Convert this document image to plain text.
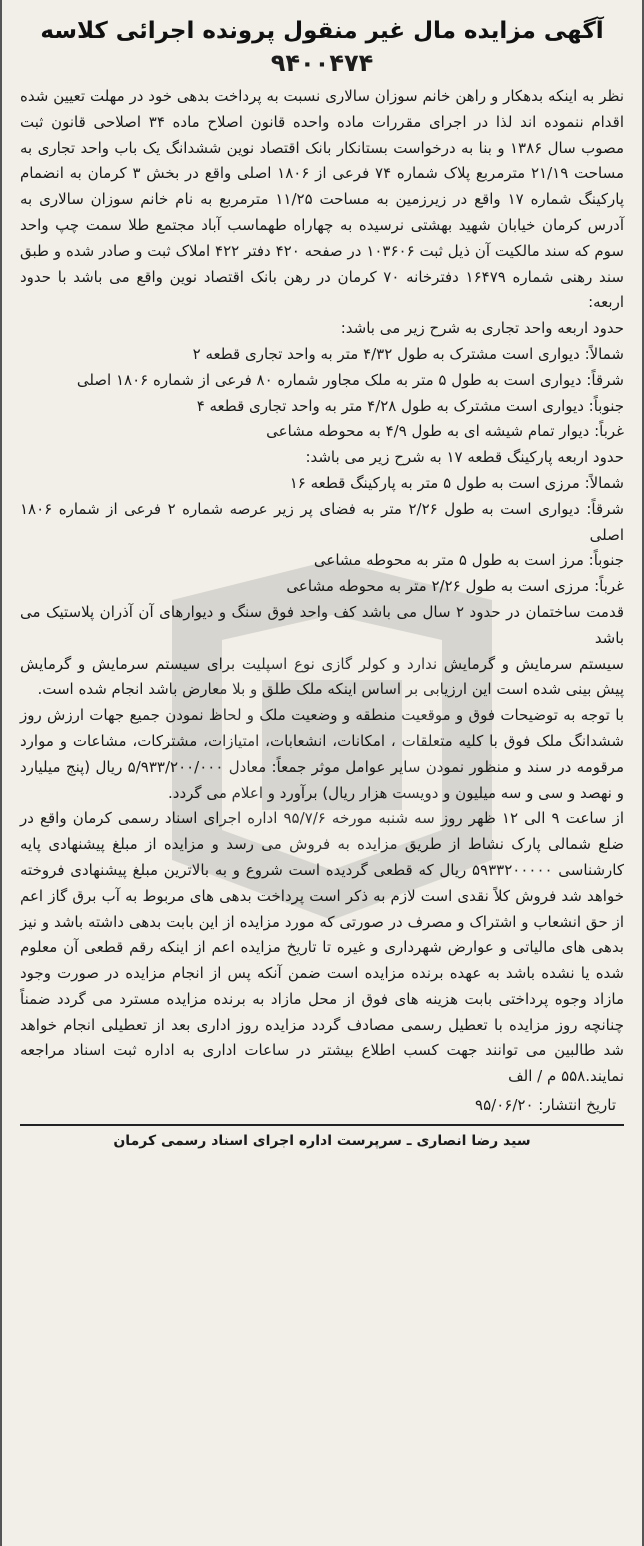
آگهی مزایده مال غیر منقول پرونده اجرائی کلاسه
۹۴۰۰۴۷۴

نظر به اینکه بدهکار و راهن خانم سوزان سالاری نسبت به پرداخت بدهی خود در مهلت تعیین شده اقدام ننموده اند لذا در اجرای مقررات ماده واحده قانون اصلاح ماده ۳۴ اصلاحی قانون ثبت مصوب سال ۱۳۸۶ و بنا به درخواست بستانکار بانک اقتصاد نوین ششدانگ یک باب واحد تجاری به مساحت ۲۱/۱۹ مترمربع پلاک شماره ۷۴ فرعی از ۱۸۰۶ اصلی واقع در بخش ۳ کرمان به انضمام پارکینگ شماره ۱۷ واقع در زیرزمین به مساحت ۱۱/۲۵ مترمربع به نام خانم سوزان سالاری به آدرس کرمان خیابان شهید بهشتی نرسیده به چهاراه طهماسب آباد مجتمع طلا سمت چپ واحد سوم که سند مالکیت آن ذیل ثبت ۱۰۳۶۰۶ در صفحه ۴۲۰ دفتر ۴۲۲ املاک ثبت و صادر شده و طبق سند رهنی شماره ۱۶۴۷۹ دفترخانه ۷۰ کرمان در رهن بانک اقتصاد نوین واقع می باشد با حدود اربعه:

حدود اربعه واحد تجاری به شرح زیر می باشد:

شمالاً: دیواری است مشترک به طول ۴/۳۲ متر به واحد تجاری قطعه ۲

شرقاً: دیواری است به طول ۵ متر به ملک مجاور شماره ۸۰ فرعی از شماره ۱۸۰۶ اصلی

جنوباً: دیواری است مشترک به طول ۴/۲۸ متر به واحد تجاری قطعه ۴

غرباً: دیوار تمام شیشه ای به طول ۴/۹ به محوطه مشاعی

حدود اربعه پارکینگ قطعه ۱۷ به شرح زیر می باشد:

شمالاً: مرزی است به طول ۵ متر به پارکینگ قطعه ۱۶

شرقاً: دیواری است به طول ۲/۲۶ متر به فضای پر زیر عرصه شماره ۲ فرعی از شماره ۱۸۰۶ اصلی

جنوباً: مرز است به طول ۵ متر به محوطه مشاعی

غرباً: مرزی است به طول ۲/۲۶ متر به محوطه مشاعی

قدمت ساختمان در حدود ۲ سال می باشد کف واحد فوق سنگ و دیوارهای آن آذران پلاستیک می باشد

سیستم سرمایش و گرمایش ندارد و کولر گازی نوع اسپلیت برای سیستم سرمایش و گرمایش پیش بینی شده است این ارزیابی بر اساس اینکه ملک طلق و بلا معارض باشد انجام شده است.

با توجه به توضیحات فوق و موقعیت منطقه و وضعیت ملک و لحاظ نمودن جمیع جهات ارزش روز ششدانگ ملک فوق با کلیه متعلقات ، امکانات، انشعابات، امتیازات، مشترکات، مشاعات و موارد مرقومه در سند و منظور نمودن سایر عوامل موثر جمعاً: معادل ۵/۹۳۳/۲۰۰/۰۰۰ ریال (پنج میلیارد و نهصد و سی و سه میلیون و دویست هزار ریال) برآورد و اعلام می گردد.

از ساعت ۹ الی ۱۲ ظهر روز سه شنبه مورخه ۹۵/۷/۶ اداره اجرای اسناد رسمی کرمان واقع در ضلع شمالی پارک نشاط از طریق مزایده به فروش می رسد و مزایده از مبلغ پیشنهادی پایه کارشناسی ۵۹۳۳۲۰۰۰۰۰ ریال که قطعی گردیده است شروع و به بالاترین مبلغ پیشنهادی فروخته خواهد شد فروش کلاً نقدی است لازم به ذکر است پرداخت بدهی های مربوط به آب برق گاز اعم از حق انشعاب و اشتراک و مصرف در صورتی که مورد مزایده از این بابت بدهی داشته باشد و نیز بدهی های مالیاتی و عوارض شهرداری و غیره تا تاریخ مزایده اعم از اینکه رقم قطعی آن معلوم شده یا نشده باشد به عهده برنده مزایده است ضمن آنکه پس از انجام مزایده در صورت وجود مازاد وجوه پرداختی بابت هزینه های فوق از محل مازاد به برنده مزایده مسترد می گردد ضمناً چنانچه روز مزایده با تعطیل رسمی مصادف گردد مزایده روز اداری بعد از تعطیلی انجام خواهد شد طالبین می توانند جهت کسب اطلاع بیشتر در ساعات اداری به اداره ثبت اسناد مراجعه نمایند.۵۵۸ م / الف

تاریخ انتشار: ۹۵/۰۶/۲۰
سید رضا انصاری ـ سرپرست اداره اجرای اسناد رسمی کرمان
